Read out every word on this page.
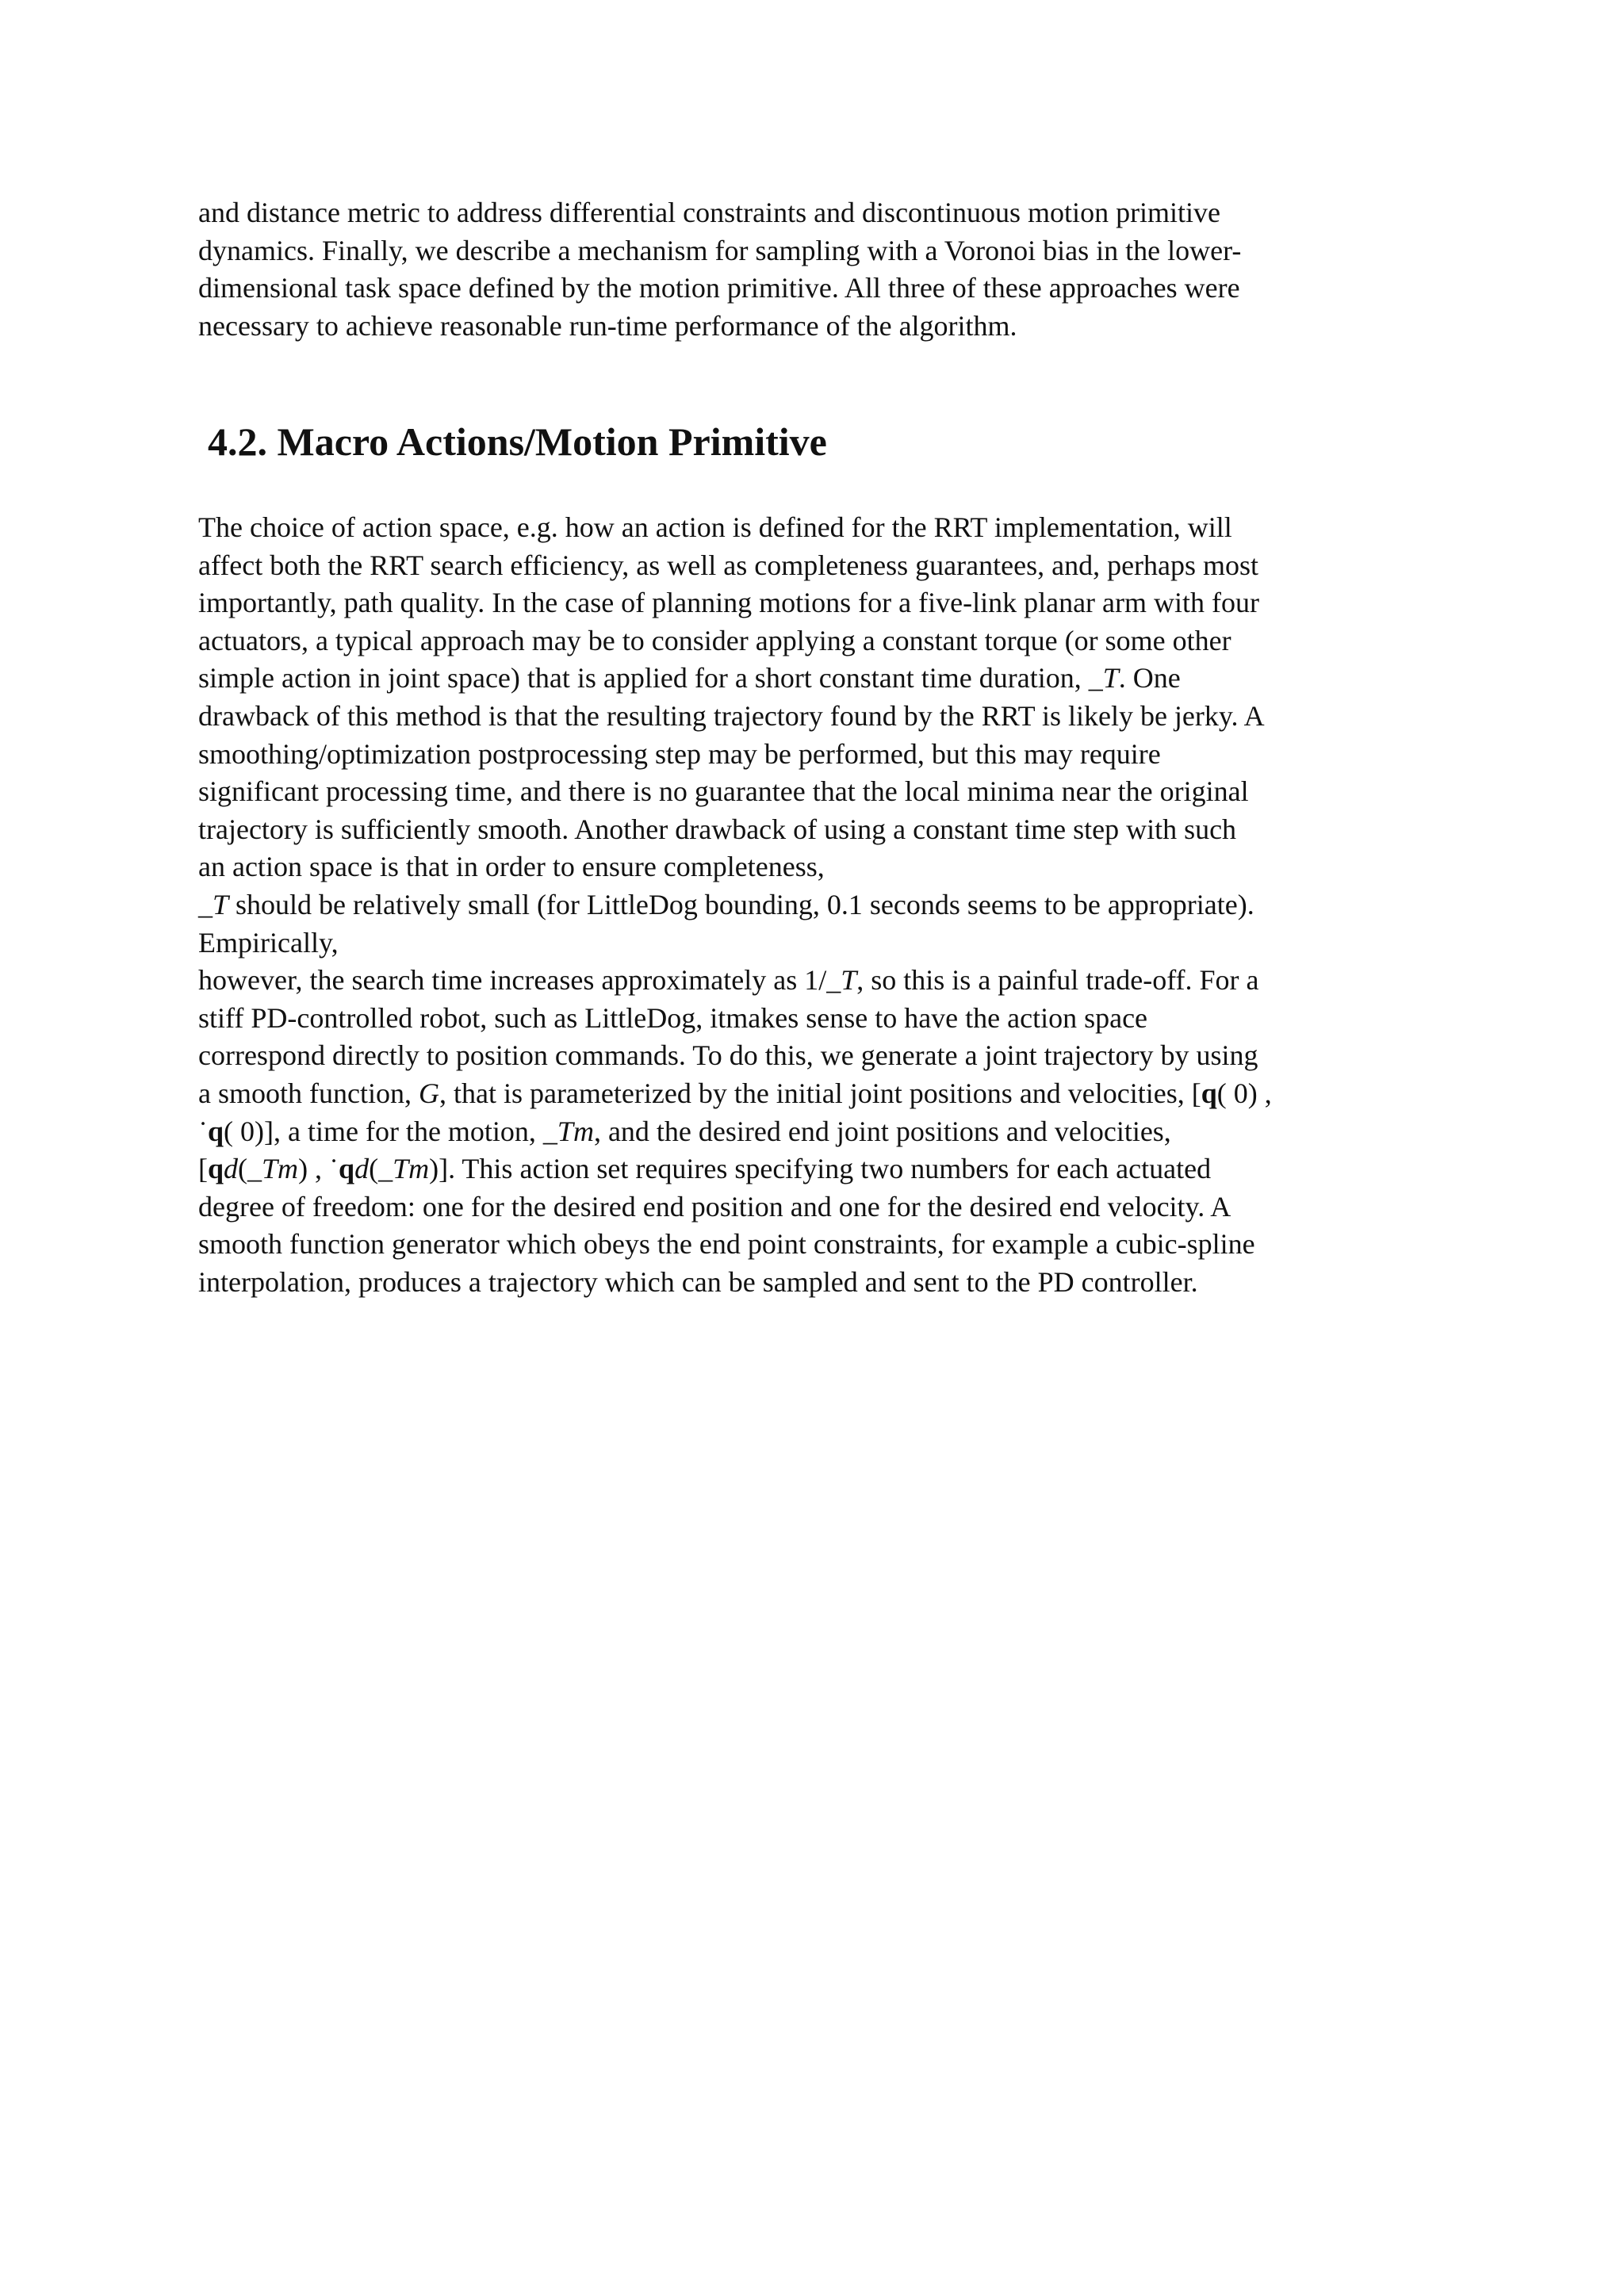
and distance metric to address differential constraints and discontinuous motion primitive
dynamics. Finally, we describe a mechanism for sampling with a Voronoi bias in the lower-
dimensional task space defined by the motion primitive. All three of these approaches were
necessary to achieve reasonable run-time performance of the algorithm.
4.2. Macro Actions/Motion Primitive
The choice of action space, e.g. how an action is defined for the RRT implementation, will
affect both the RRT search efficiency, as well as completeness guarantees, and, perhaps most
importantly, path quality. In the case of planning motions for a five-link planar arm with four
actuators, a typical approach may be to consider applying a constant torque (or some other
simple action in joint space) that is applied for a short constant time duration, _T. One
drawback of this method is that the resulting trajectory found by the RRT is likely be jerky. A
smoothing/optimization postprocessing step may be performed, but this may require
significant processing time, and there is no guarantee that the local minima near the original
trajectory is sufficiently smooth. Another drawback of using a constant time step with such
an action space is that in order to ensure completeness,
_T should be relatively small (for LittleDog bounding, 0.1 seconds seems to be appropriate).
Empirically,
however, the search time increases approximately as 1/_T, so this is a painful trade-off. For a
stiff PD-controlled robot, such as LittleDog, itmakes sense to have the action space
correspond directly to position commands. To do this, we generate a joint trajectory by using
a smooth function, G, that is parameterized by the initial joint positions and velocities, [q( 0) ,
˙q( 0)], a time for the motion, _Tm, and the desired end joint positions and velocities,
[qd(_Tm) , ˙qd(_Tm)]. This action set requires specifying two numbers for each actuated
degree of freedom: one for the desired end position and one for the desired end velocity. A
smooth function generator which obeys the end point constraints, for example a cubic-spline
interpolation, produces a trajectory which can be sampled and sent to the PD controller.
